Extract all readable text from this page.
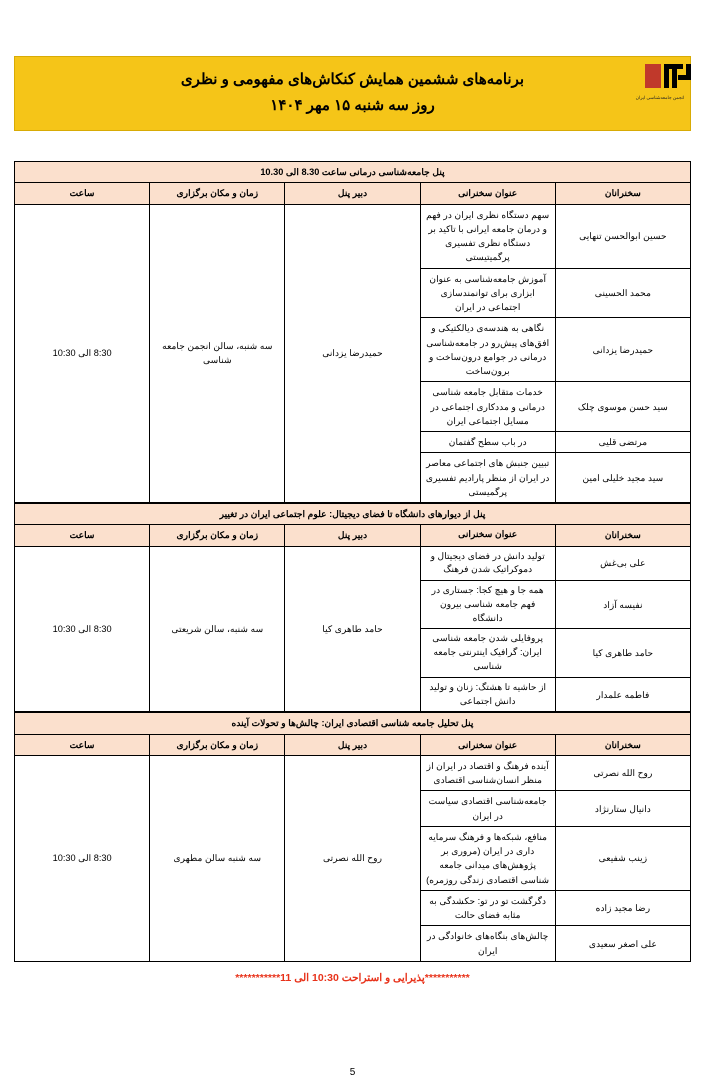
انجمن جامعه‌شناسی ایران
برنامه‌های ششمین همایش کنکاش‌های مفهومی و نظری
روز سه شنبه ۱۵ مهر ۱۴۰۴
پنل جامعه‌شناسی درمانی ساعت 8.30 الی 10.30				
سخنرانان	عنوان سخنرانی	دبیر پنل	زمان و مکان برگزاری	ساعت
حسین ابوالحسن تنهایی	سهم دستگاه نظری ایران در فهم و درمان جامعه ایرانی با تاکید بر دستگاه نظری تفسیری پرگمیتیستی	حمیدرضا یزدانی	سه شنبه، سالن انجمن جامعه شناسی	8:30 الی 10:30
محمد الحسینی	آموزش جامعه‌شناسی به عنوان ابزاری برای توانمندسازی اجتماعی در ایران			
حمیدرضا یزدانی	نگاهی به هندسه‌ی دیالکتیکی و افق‌های پیش‌رو در جامعه‌شناسی درمانی در جوامع درون‌ساخت و برون‌ساخت			
سید حسن موسوی چلک	خدمات متقابل جامعه شناسی درمانی و مددکاری اجتماعی در مسایل اجتماعی ایران			
مرتضی قلیی	در باب سطح گفتمان			
سید مجید خلیلی امین	تبیین جنبش های اجتماعی معاصر در ایران از منظر پارادیم تفسیری پرگمیستی			
پنل از دیوارهای دانشگاه تا فضای دیجیتال: علوم اجتماعی ایران در تغییر				
سخنرانان	عنوان سخنرانی	دبیر پنل	زمان و مکان برگزاری	ساعت
علی بی‌غش	تولید دانش در فضای دیجیتال و دموکراتیک شدن فرهنگ	حامد طاهری کیا	سه شنبه، سالن شریعتی	8:30 الی 10:30
نفیسه آزاد	همه جا و هیچ کجا: جستاری در فهم جامعه شناسی بیرون دانشگاه			
حامد طاهری کیا	پروفایلی شدن جامعه شناسی ایران: گرافیک اینترنتی جامعه شناسی			
فاطمه علمدار	از حاشیه تا هشتگ: زنان و تولید دانش اجتماعی			
پنل تحلیل جامعه شناسی اقتصادی ایران: چالش‌ها و تحولات آینده				
سخنرانان	عنوان سخنرانی	دبیر پنل	زمان و مکان برگزاری	ساعت
روح الله نصرتی	آینده فرهنگ و اقتصاد در ایران از منظر انسان‌شناسی اقتصادی	روح الله نصرتی	سه شنبه سالن مطهری	8:30 الی 10:30
دانیال ستارنژاد	جامعه‌شناسی اقتصادی سیاست در ایران			
زینب شفیعی	منافع، شبکه‌ها و فرهنگ سرمایه داری در ایران (مروری بر پژوهش‌های میدانی جامعه شناسی اقتصادی زندگی روزمره)			
رضا مجید زاده	دگرگشت تو در تو: حکشدگی به مثابه فضای حالت			
علی اصغر سعیدی	چالش‌های بنگاه‌های خانوادگی در ایران			
***********پذیرایی و استراحت 10:30 الی 11***********
5
